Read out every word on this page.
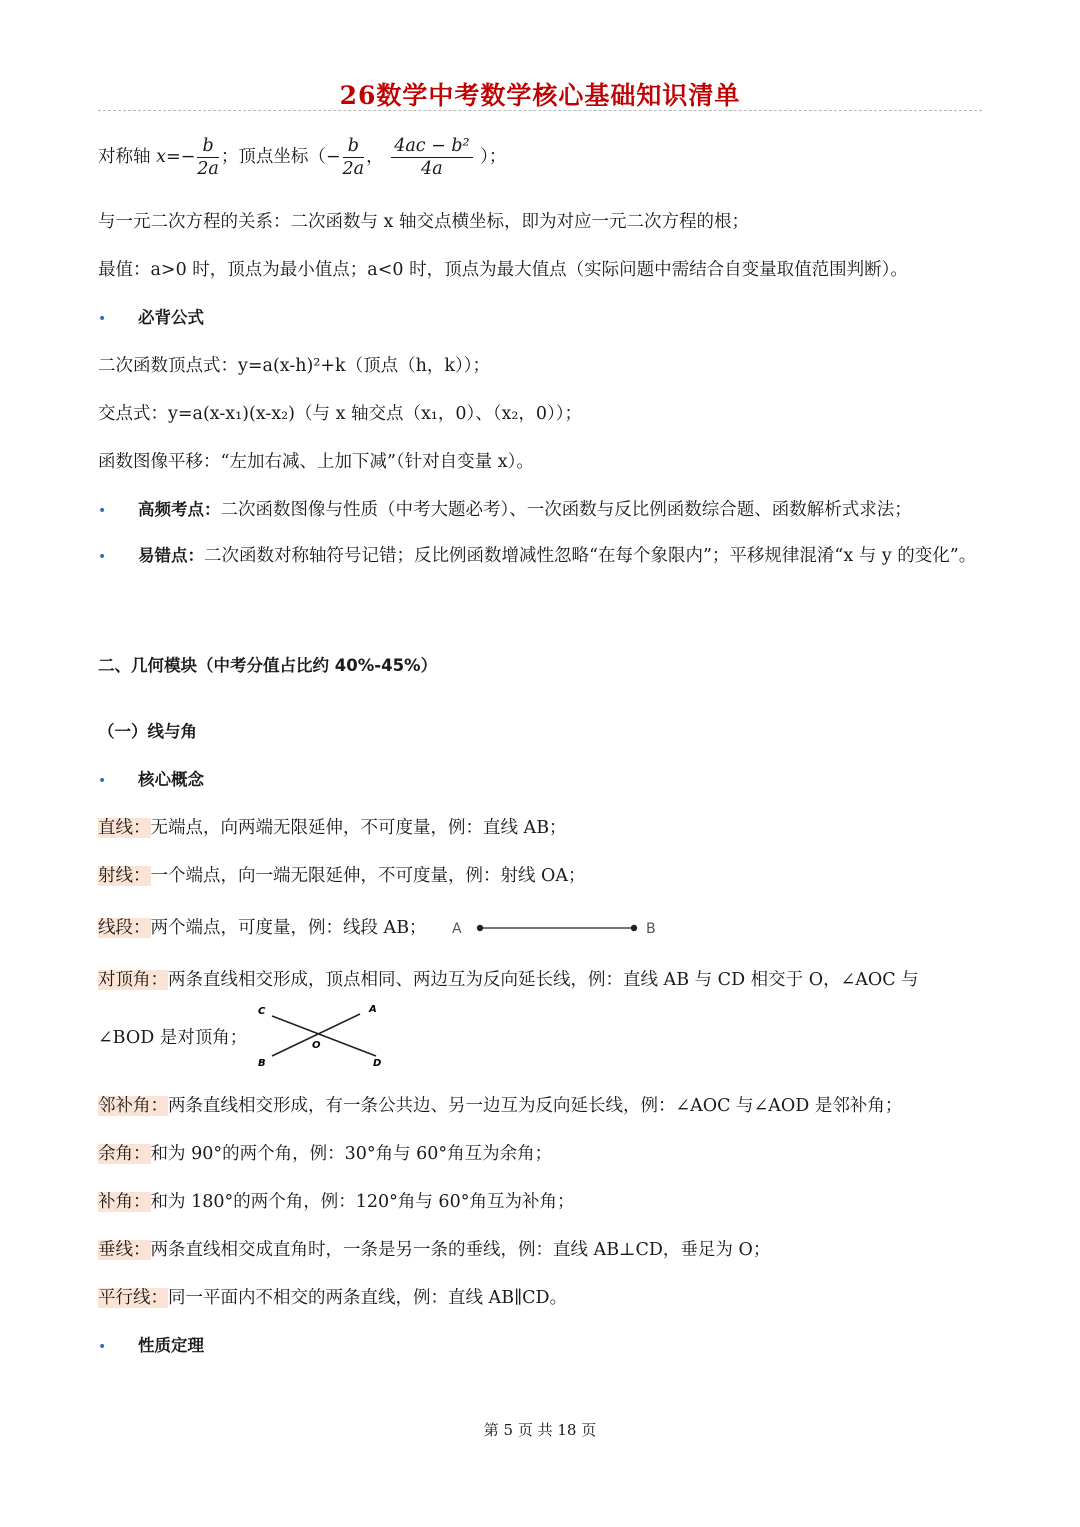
26数学中考数学核心基础知识清单
对称轴 $x=- \frac{b}{2a}$ ；顶点坐标（− $\frac{b}{2a}$ ， $\frac{\text{4ac − b²}}{4a}$ ）；
与一元二次方程的关系：二次函数与 x 轴交点横坐标，即为对应一元二次方程的根；
最值：a>0 时，顶点为最小值点；a<0 时，顶点为最大值点（实际问题中需结合自变量取值范围判断）。
• 必背公式
二次函数顶点式：y=a(x-h)²+k（顶点（h，k））；
交点式：y=a(x-x₁)(x-x₂)（与 x 轴交点（x₁，0）、（x₂，0））；
函数图像平移：“左加右减、上加下减”（针对自变量 x）。
• 高频考点：二次函数图像与性质（中考大题必考）、一次函数与反比例函数综合题、函数解析式求法；
• 易错点：二次函数对称轴符号记错；反比例函数增减性忽略“在每个象限内”；平移规律混淆“x 与 y 的变化”。
二、几何模块（中考分值占比约 40%-45%）
（一）线与角
• 核心概念
直线：无端点，向两端无限延伸，不可度量，例：直线 AB；
射线：一个端点，向一端无限延伸，不可度量，例：射线 OA；
线段：两个端点，可度量，例：线段 AB；	A	B
对顶角：两条直线相交形成，顶点相同、两边互为反向延长线，例：直线 AB 与 CD 相交于 O，∠AOC 与
∠BOD 是对顶角；
C	A
O
B	D
邻补角：两条直线相交形成，有一条公共边、另一边互为反向延长线，例：∠AOC 与∠AOD 是邻补角；
余角：和为 90°的两个角，例：30°角与 60°角互为余角；
补角：和为 180°的两个角，例：120°角与 60°角互为补角；
垂线：两条直线相交成直角时，一条是另一条的垂线，例：直线 AB⊥CD，垂足为 O；
平行线：同一平面内不相交的两条直线，例：直线 AB∥CD。
• 性质定理
第 5 页 共 18 页
